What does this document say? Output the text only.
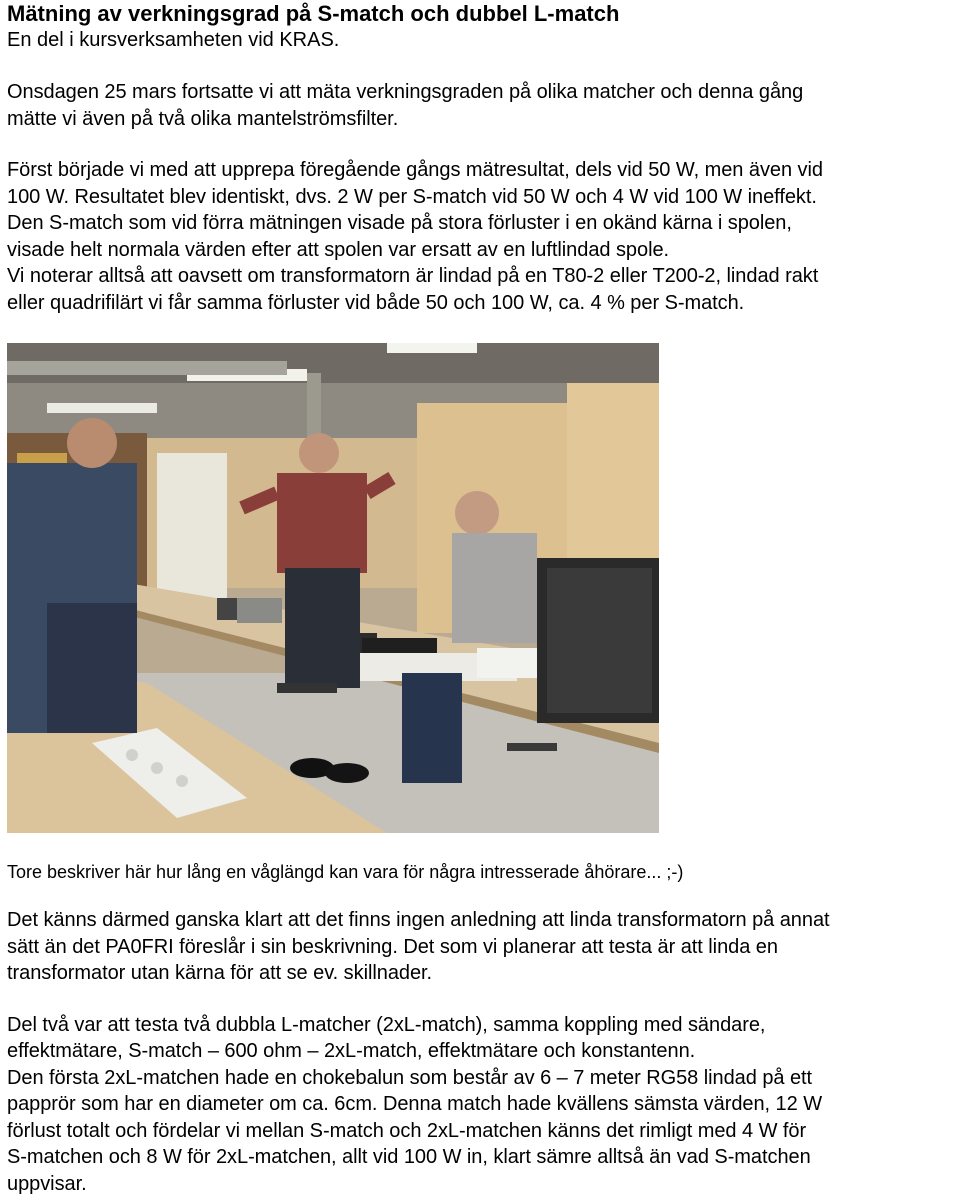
Mätning av verkningsgrad på S-match och dubbel L-match

En del i kursverksamheten vid KRAS.

Onsdagen 25 mars fortsatte vi att mäta verkningsgraden på olika matcher och denna gång
mätte vi även på två olika mantelströmsfilter.

Först började vi med att upprepa föregående gångs mätresultat, dels vid 50 W, men även vid
100 W. Resultatet blev identiskt, dvs. 2 W per S-match vid 50 W och 4 W vid 100 W ineffekt.
Den S-match som vid förra mätningen visade på stora förluster i en okänd kärna i spolen,
visade helt normala värden efter att spolen var ersatt av en luftlindad spole.
Vi noterar alltså att oavsett om transformatorn är lindad på en T80-2 eller T200-2, lindad rakt
eller quadrifilärt vi får samma förluster vid både 50 och 100 W, ca. 4 % per S-match.

Tore beskriver här hur lång en våglängd kan vara för några intresserade åhörare... ;-)

Det känns därmed ganska klart att det finns ingen anledning att linda transformatorn på annat
sätt än det PA0FRI föreslår i sin beskrivning. Det som vi planerar att testa är att linda en
transformator utan kärna för att se ev. skillnader.

Del två var att testa två dubbla L-matcher (2xL-match), samma koppling med sändare,
effektmätare, S-match – 600 ohm – 2xL-match, effektmätare och konstantenn.
Den första 2xL-matchen hade en chokebalun som består av 6 – 7 meter RG58 lindad på ett
papprör som har en diameter om ca. 6cm. Denna match hade kvällens sämsta värden, 12 W
förlust totalt och fördelar vi mellan S-match och 2xL-matchen känns det rimligt med 4 W för
S-matchen och 8 W för 2xL-matchen, allt vid 100 W in, klart sämre alltså än vad S-matchen
uppvisar.
